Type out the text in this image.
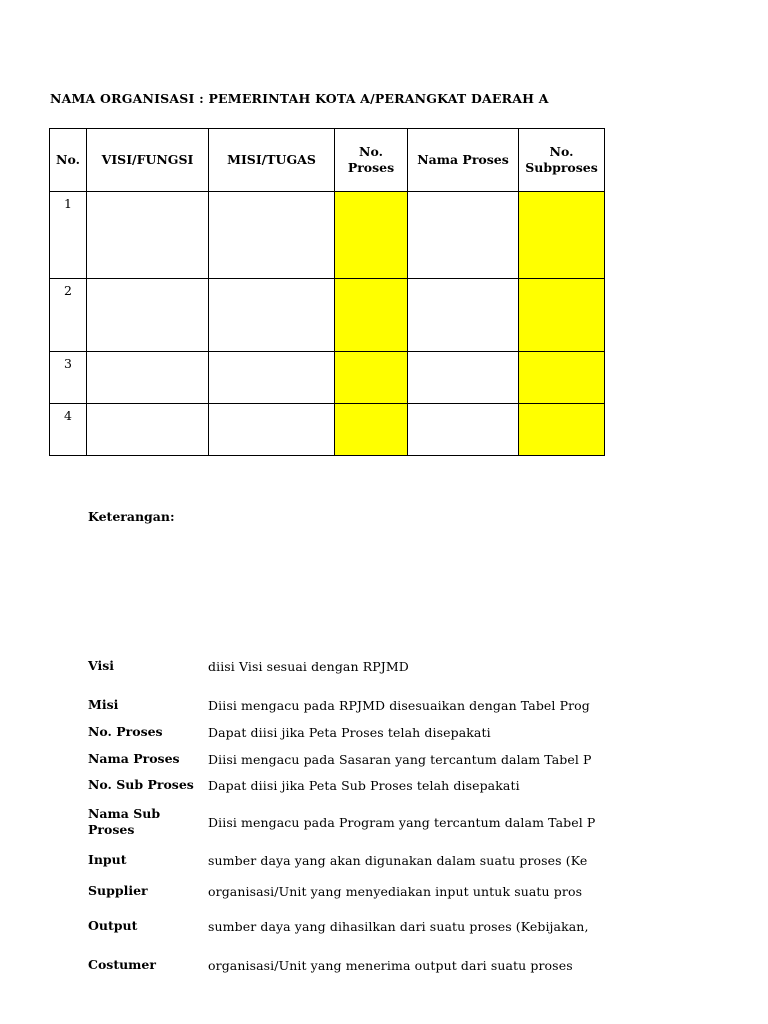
NAMA ORGANISASI : PEMERINTAH KOTA A/PERANGKAT DAERAH A
No.	VISI/FUNGSI	MISI/TUGAS	No. Proses	Nama Proses	No. Subproses
1					
2					
3					
4					
Keterangan:
Visi	diisi Visi sesuai dengan RPJMD
Misi	Diisi mengacu pada RPJMD disesuaikan dengan Tabel Prog
No. Proses	Dapat diisi jika Peta Proses telah disepakati
Nama Proses	Diisi mengacu pada Sasaran yang tercantum dalam Tabel P
No. Sub Proses	Dapat diisi jika Peta Sub Proses telah disepakati
Nama Sub Proses	Diisi mengacu pada Program yang tercantum dalam Tabel P
Input	sumber daya yang akan digunakan dalam suatu proses (Ke
Supplier	organisasi/Unit yang menyediakan input untuk suatu pros
Output	sumber daya yang dihasilkan dari suatu proses (Kebijakan,
Costumer	organisasi/Unit yang menerima output dari suatu proses
